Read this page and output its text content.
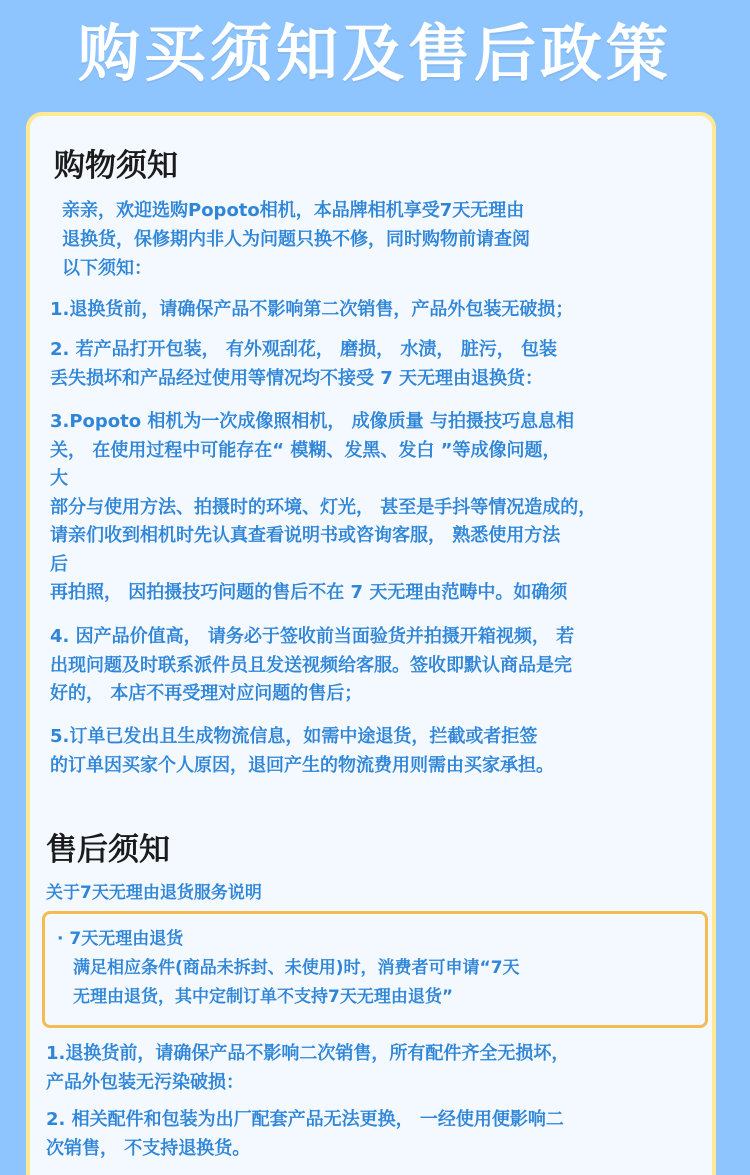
购买须知及售后政策
购物须知
亲亲，欢迎选购Popoto相机，本品牌相机享受7天无理由
退换货，保修期内非人为问题只换不修，同时购物前请查阅
以下须知：
1.退换货前，请确保产品不影响第二次销售，产品外包装无破损；
2. 若产品打开包装， 有外观刮花， 磨损， 水渍， 脏污， 包装
丢失损坏和产品经过使用等情况均不接受 7 天无理由退换货：
3.Popoto 相机为一次成像照相机， 成像质量 与拍摄技巧息息相
关， 在使用过程中可能存在“ 模糊、发黑、发白 ”等成像问题，
大
部分与使用方法、拍摄时的环境、灯光， 甚至是手抖等情况造成的，
请亲们收到相机时先认真查看说明书或咨询客服， 熟悉使用方法
后
再拍照， 因拍摄技巧问题的售后不在 7 天无理由范畴中。如确须
4. 因产品价值高， 请务必于签收前当面验货并拍摄开箱视频， 若
出现问题及时联系派件员且发送视频给客服。签收即默认商品是完
好的， 本店不再受理对应问题的售后；
5.订单已发出且生成物流信息，如需中途退货，拦截或者拒签
的订单因买家个人原因，退回产生的物流费用则需由买家承担。
售后须知
关于7天无理由退货服务说明
· 7天无理由退货
满足相应条件(商品未拆封、未使用)时，消费者可申请“7天
无理由退货，其中定制订单不支持7天无理由退货”
1.退换货前，请确保产品不影响二次销售，所有配件齐全无损坏，
产品外包装无污染破损：
2. 相关配件和包装为出厂配套产品无法更换， 一经使用便影响二
次销售， 不支持退换货。
